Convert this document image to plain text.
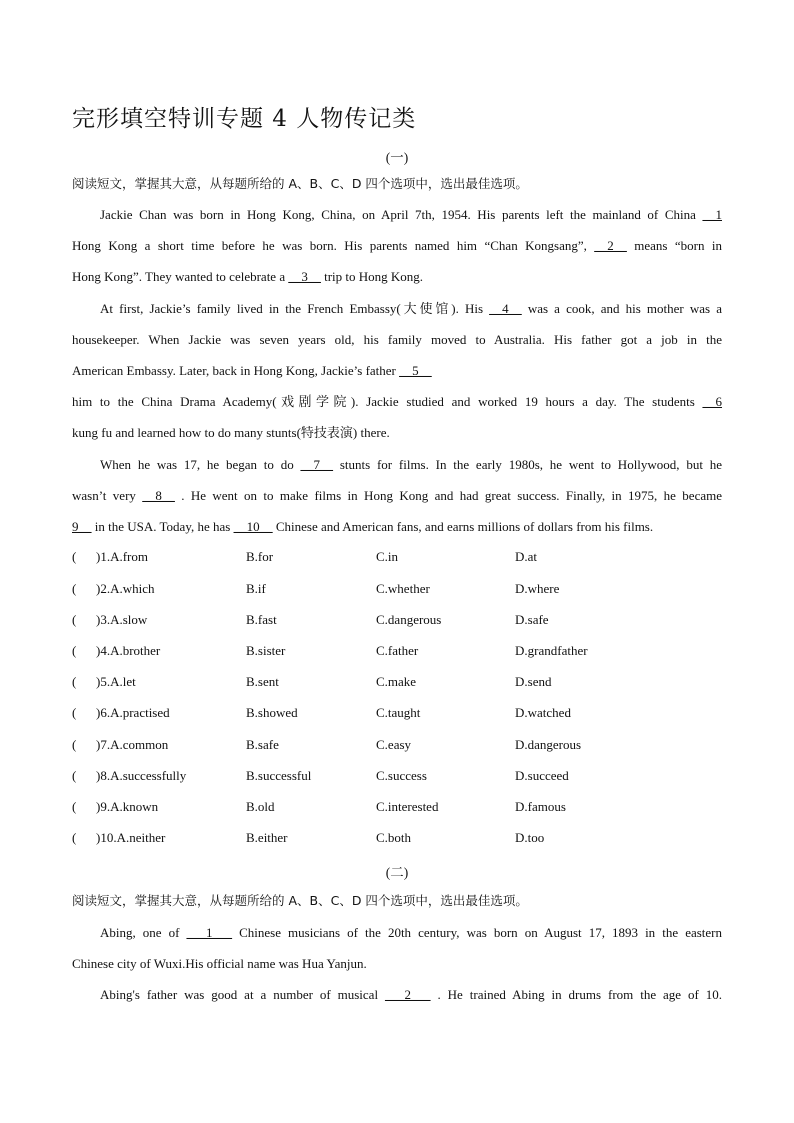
完形填空特训专题 4 人物传记类
(一)
阅读短文，掌握其大意，从每题所给的 A、B、C、D 四个选项中，选出最佳选项。
Jackie Chan was born in Hong Kong, China, on April 7th, 1954. His parents left the mainland of China __1
Hong Kong a short time before he was born. His parents named him “Chan Kongsang”, __2__ means “born in
Hong Kong”. They wanted to celebrate a __3__ trip to Hong Kong.
At first, Jackie’s family lived in the French Embassy(大使馆). His __4__ was a cook, and his mother was a
housekeeper. When Jackie was seven years old, his family moved to Australia. His father got a job in the
American Embassy. Later, back in Hong Kong, Jackie’s father __5__
him to the China Drama Academy(戏剧学院). Jackie studied and worked 19 hours a day. The students __6
kung fu and learned how to do many stunts(特技表演) there.
When he was 17, he began to do __7__ stunts for films. In the early 1980s, he went to Hollywood, but he
wasn’t very __8__ . He went on to make films in Hong Kong and had great success. Finally, in 1975, he became
9__ in the USA. Today, he has __10__ Chinese and American fans, and earns millions of dollars from his films.
( )1.A.from	B.for	C.in	D.at
( )2.A.which	B.if	C.whether	D.where
( )3.A.slow	B.fast	C.dangerous	D.safe
( )4.A.brother	B.sister	C.father	D.grandfather
( )5.A.let	B.sent	C.make	D.send
( )6.A.practised	B.showed	C.taught	D.watched
( )7.A.common	B.safe	C.easy	D.dangerous
( )8.A.successfully	B.successful	C.success	D.succeed
( )9.A.known	B.old	C.interested	D.famous
( )10.A.neither	B.either	C.both	D.too
(二)
阅读短文，掌握其大意，从每题所给的 A、B、C、D 四个选项中，选出最佳选项。
Abing, one of ___1___ Chinese musicians of the 20th century, was born on August 17, 1893 in the eastern
Chinese city of Wuxi.His official name was Hua Yanjun.
Abing's father was good at a number of musical ___2___ . He trained Abing in drums from the age of 10.
